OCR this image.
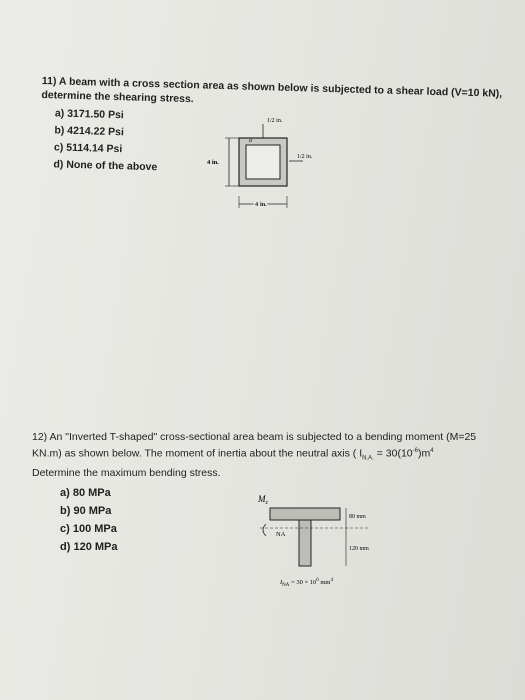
11) A beam with a cross section area as shown below is subjected to a shear load (V=10 kN), determine the shearing stress.
a) 3171.50 Psi
b) 4214.22 Psi
c) 5114.14 Psi
d) None of the above
a
1/2 in.
1/2 in.
4 in.
4 in.
12) An "Inverted T-shaped" cross-sectional area beam is subjected to a bending moment (M=25 KN.m) as shown below. The moment of inertia about the neutral axis ( $I_{N.A.} = 30(10^{-6})m^4$
Determine the maximum bending stress.
a) 80 MPa
b) 90 MPa
c) 100 MPa
d) 120 MPa
$M_z$
NA
80 mm
120 mm
$I_{NA} = 30 \times 10^6$ $mm^4$
